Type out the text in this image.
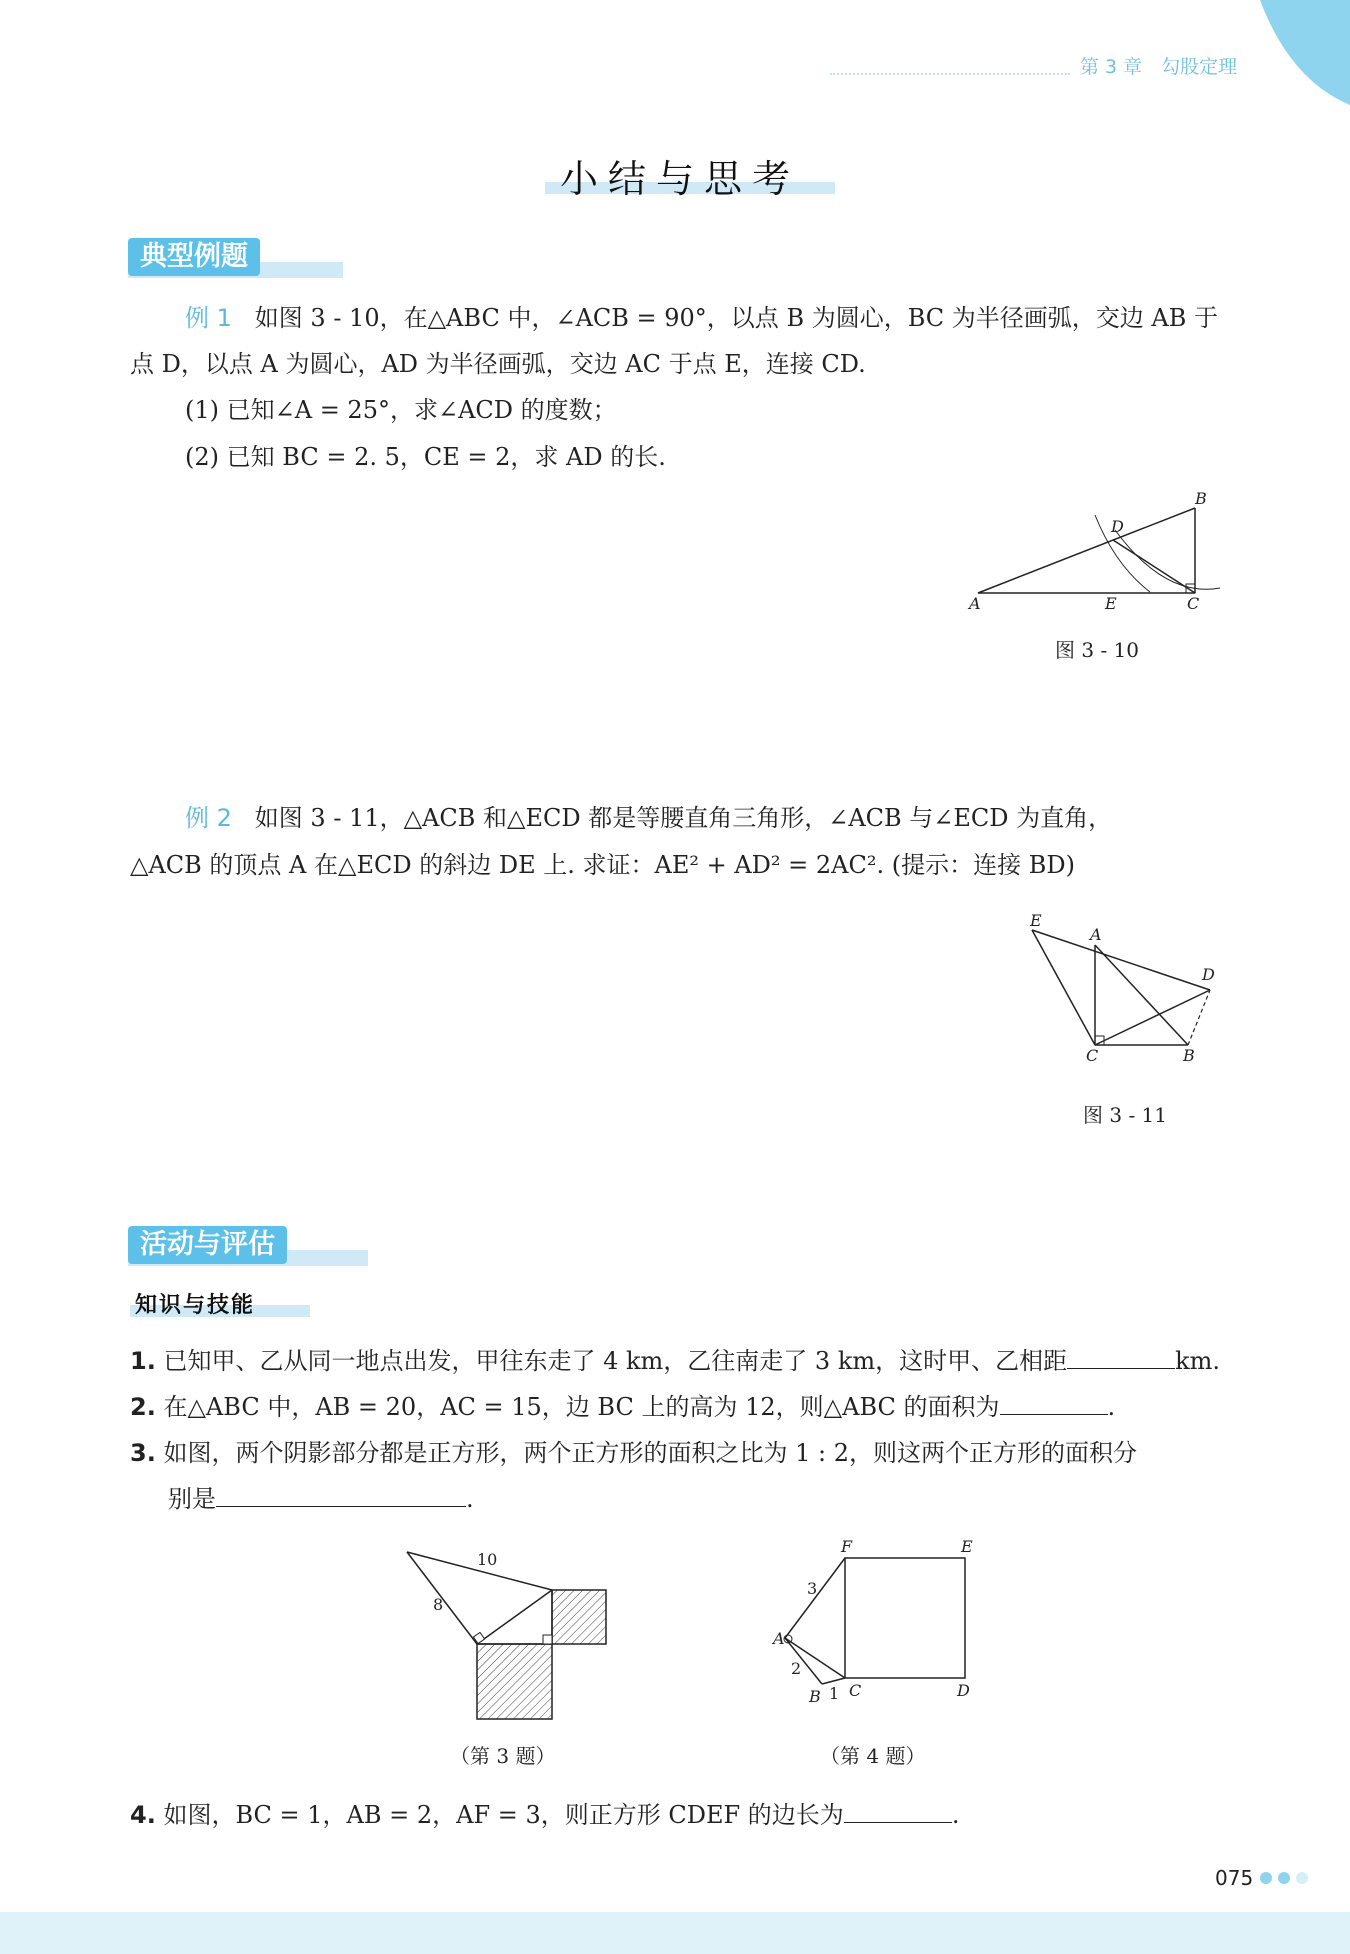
第 3 章　勾股定理
小结与思考
典型例题
例 1 如图 3 - 10，在△ABC 中，∠ACB = 90°，以点 B 为圆心，BC 为半径画弧，交边 AB 于
点 D，以点 A 为圆心，AD 为半径画弧，交边 AC 于点 E，连接 CD.
(1) 已知∠A = 25°，求∠ACD 的度数；
(2) 已知 BC = 2. 5，CE = 2，求 AD 的长.
A
B
C
D
E
图 3 - 10
例 2 如图 3 - 11，△ACB 和△ECD 都是等腰直角三角形，∠ACB 与∠ECD 为直角，
△ACB 的顶点 A 在△ECD 的斜边 DE 上. 求证：AE² + AD² = 2AC². (提示：连接 BD)
E
A
D
C	B
图 3 - 11
活动与评估
知识与技能
1. 已知甲、乙从同一地点出发，甲往东走了 4 km，乙往南走了 3 km，这时甲、乙相距	km.
2. 在△ABC 中，AB = 20，AC = 15，边 BC 上的高为 12，则△ABC 的面积为	.
3. 如图，两个阴影部分都是正方形，两个正方形的面积之比为 1 : 2，则这两个正方形的面积分
别是	.
10
8
（第 3 题）
F	E
A
B C	D
3
2
1
（第 4 题）
4. 如图，BC = 1，AB = 2，AF = 3，则正方形 CDEF 的边长为	.
075
